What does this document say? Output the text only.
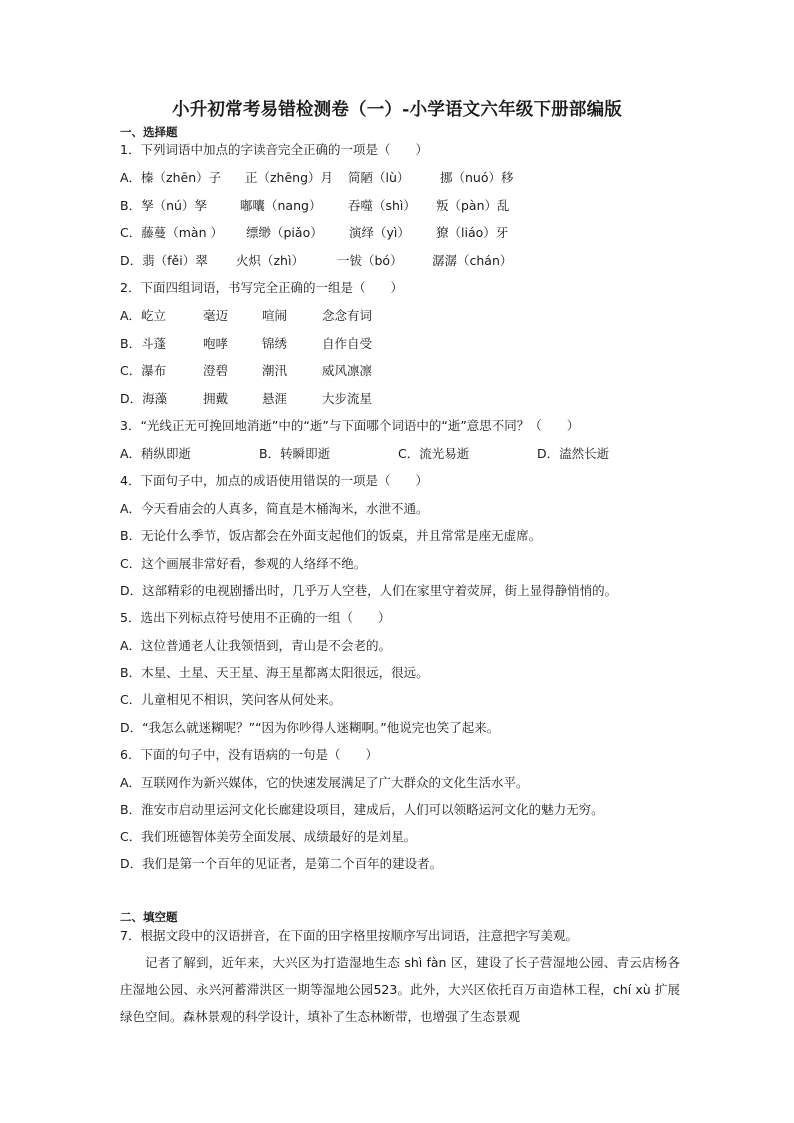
小升初常考易错检测卷（一）-小学语文六年级下册部编版
一、选择题
1．下列词语中加点的字读音完全正确的一项是（　　）
A．榛（zhēn）子 正（zhēng）月 简陋（lù） 挪（nuó）移
B．孥（nú）孥	嘟囔（nang） 吞噬（shì） 叛（pàn）乱
C．藤蔓（màn ） 缥缈（piǎo） 演绎（yì） 獠（liáo）牙
D．翡（fěi）翠 火炽（zhì）	一钹（bó） 潺潺（chán）
2．下面四组词语，书写完全正确的一组是（　　）
A．屹立	毫迈	喧闹	念念有词
B．斗蓬	咆哮	锦绣	自作自受
C．瀑布	澄碧	潮汛	威风凛凛
D．海藻	拥戴	悬涯	大步流星
3．“光线正无可挽回地消逝”中的“逝”与下面哪个词语中的“逝”意思不同？（　　）
A．稍纵即逝	B．转瞬即逝	C．流光易逝	D．溘然长逝
4．下面句子中，加点的成语使用错误的一项是（　　）
A．今天看庙会的人真多，简直是木桶淘米，水泄不通。
B．无论什么季节，饭店都会在外面支起他们的饭桌，并且常常是座无虚席。
C．这个画展非常好看，参观的人络绎不绝。
D．这部精彩的电视剧播出时，几乎万人空巷，人们在家里守着荧屏，街上显得静悄悄的。
5．选出下列标点符号使用不正确的一组（　　）
A．这位普通老人让我领悟到，青山是不会老的。
B．木星、土星、天王星、海王星都离太阳很远，很远。
C．儿童相见不相识，笑问客从何处来。
D．“我怎么就迷糊呢？”“因为你吵得人迷糊啊。”他说完也笑了起来。
6．下面的句子中，没有语病的一句是（　　）
A．互联网作为新兴媒体，它的快速发展满足了广大群众的文化生活水平。
B．淮安市启动里运河文化长廊建设项目，建成后，人们可以领略运河文化的魅力无穷。
C．我们班德智体美劳全面发展、成绩最好的是刘星。
D．我们是第一个百年的见证者，是第二个百年的建设者。
二、填空题
7．根据文段中的汉语拼音，在下面的田字格里按顺序写出词语，注意把字写美观。
记者了解到，近年来，大兴区为打造湿地生态 shì fàn 区，建设了长子营湿地公园、青云店杨各庄湿地公园、永兴河蓄滞洪区一期等湿地公园523。此外，大兴区依托百万亩造林工程，chí xù 扩展绿色空间。森林景观的科学设计，填补了生态林断带，也增强了生态景观
